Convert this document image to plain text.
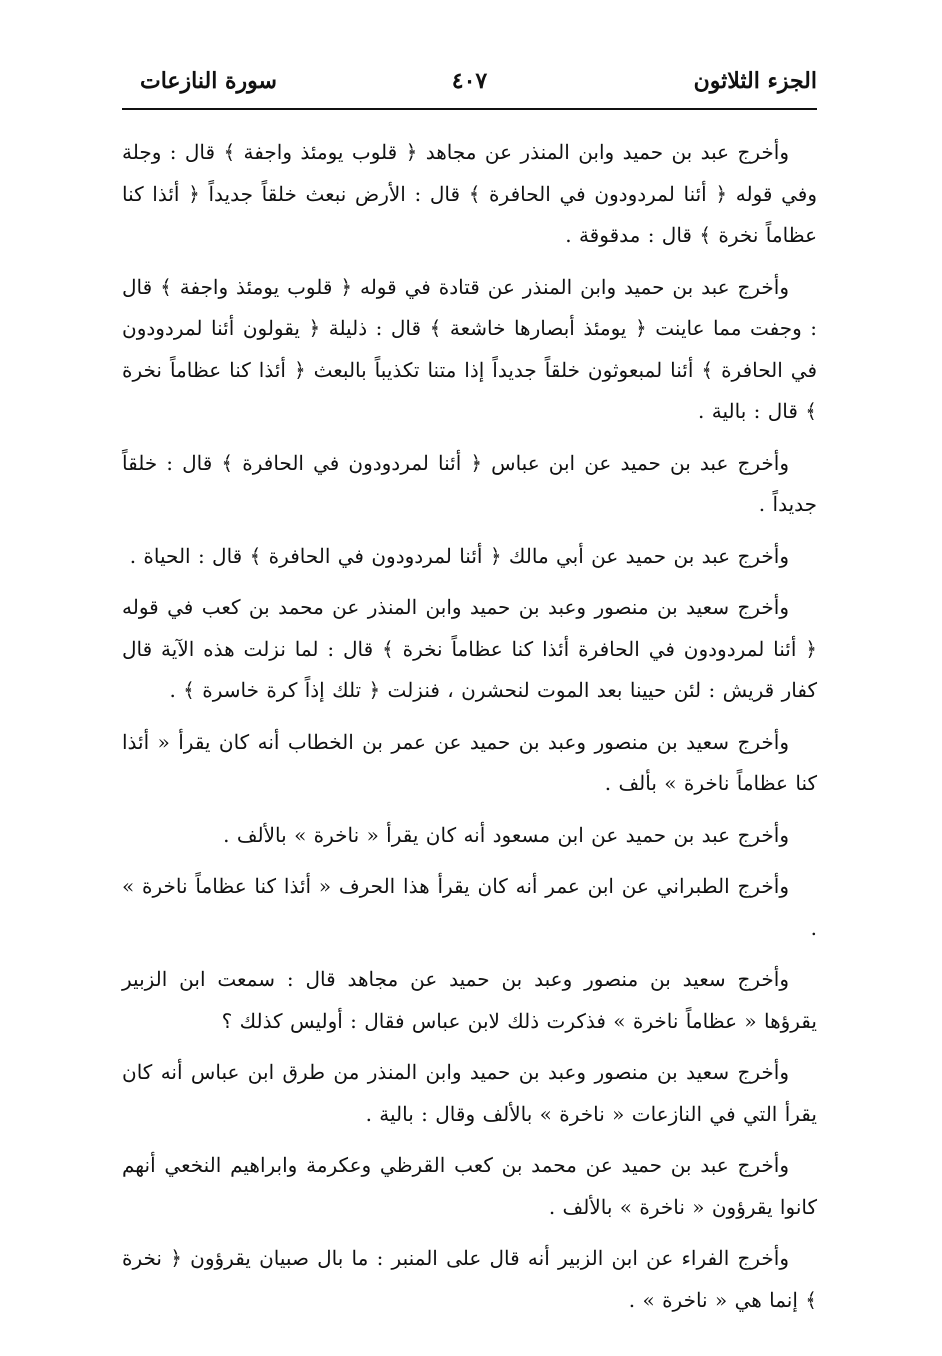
الجزء الثلاثون
٤٠٧
سورة النازعات

وأخرج عبد بن حميد وابن المنذر عن مجاهد ﴿ قلوب يومئذ واجفة ﴾ قال : وجلة وفي قوله ﴿ أئنا لمردودون في الحافرة ﴾ قال : الأرض نبعث خلقاً جديداً ﴿ أئذا كنا عظاماً نخرة ﴾ قال : مدقوقة .

وأخرج عبد بن حميد وابن المنذر عن قتادة في قوله ﴿ قلوب يومئذ واجفة ﴾ قال : وجفت مما عاينت ﴿ يومئذ أبصارها خاشعة ﴾ قال : ذليلة ﴿ يقولون أئنا لمردودون في الحافرة ﴾ أئنا لمبعوثون خلقاً جديداً إذا متنا تكذيباً بالبعث ﴿ أئذا كنا عظاماً نخرة ﴾ قال : بالية .

وأخرج عبد بن حميد عن ابن عباس ﴿ أئنا لمردودون في الحافرة ﴾ قال : خلقاً جديداً .

وأخرج عبد بن حميد عن أبي مالك ﴿ أئنا لمردودون في الحافرة ﴾ قال : الحياة .

وأخرج سعيد بن منصور وعبد بن حميد وابن المنذر عن محمد بن كعب في قوله ﴿ أئنا لمردودون في الحافرة أئذا كنا عظاماً نخرة ﴾ قال : لما نزلت هذه الآية قال كفار قريش : لئن حيينا بعد الموت لنحشرن ، فنزلت ﴿ تلك إذاً كرة خاسرة ﴾ .

وأخرج سعيد بن منصور وعبد بن حميد عن عمر بن الخطاب أنه كان يقرأ « أئذا كنا عظاماً ناخرة » بألف .

وأخرج عبد بن حميد عن ابن مسعود أنه كان يقرأ « ناخرة » بالألف .

وأخرج الطبراني عن ابن عمر أنه كان يقرأ هذا الحرف « أئذا كنا عظاماً ناخرة » .

وأخرج سعيد بن منصور وعبد بن حميد عن مجاهد قال : سمعت ابن الزبير يقرؤها « عظاماً ناخرة » فذكرت ذلك لابن عباس فقال : أوليس كذلك ؟

وأخرج سعيد بن منصور وعبد بن حميد وابن المنذر من طرق ابن عباس أنه كان يقرأ التي في النازعات « ناخرة » بالألف وقال : بالية .

وأخرج عبد بن حميد عن محمد بن كعب القرظي وعكرمة وابراهيم النخعي أنهم كانوا يقرؤون « ناخرة » بالألف .

وأخرج الفراء عن ابن الزبير أنه قال على المنبر : ما بال صبيان يقرؤون ﴿ نخرة ﴾ إنما هي « ناخرة » .
